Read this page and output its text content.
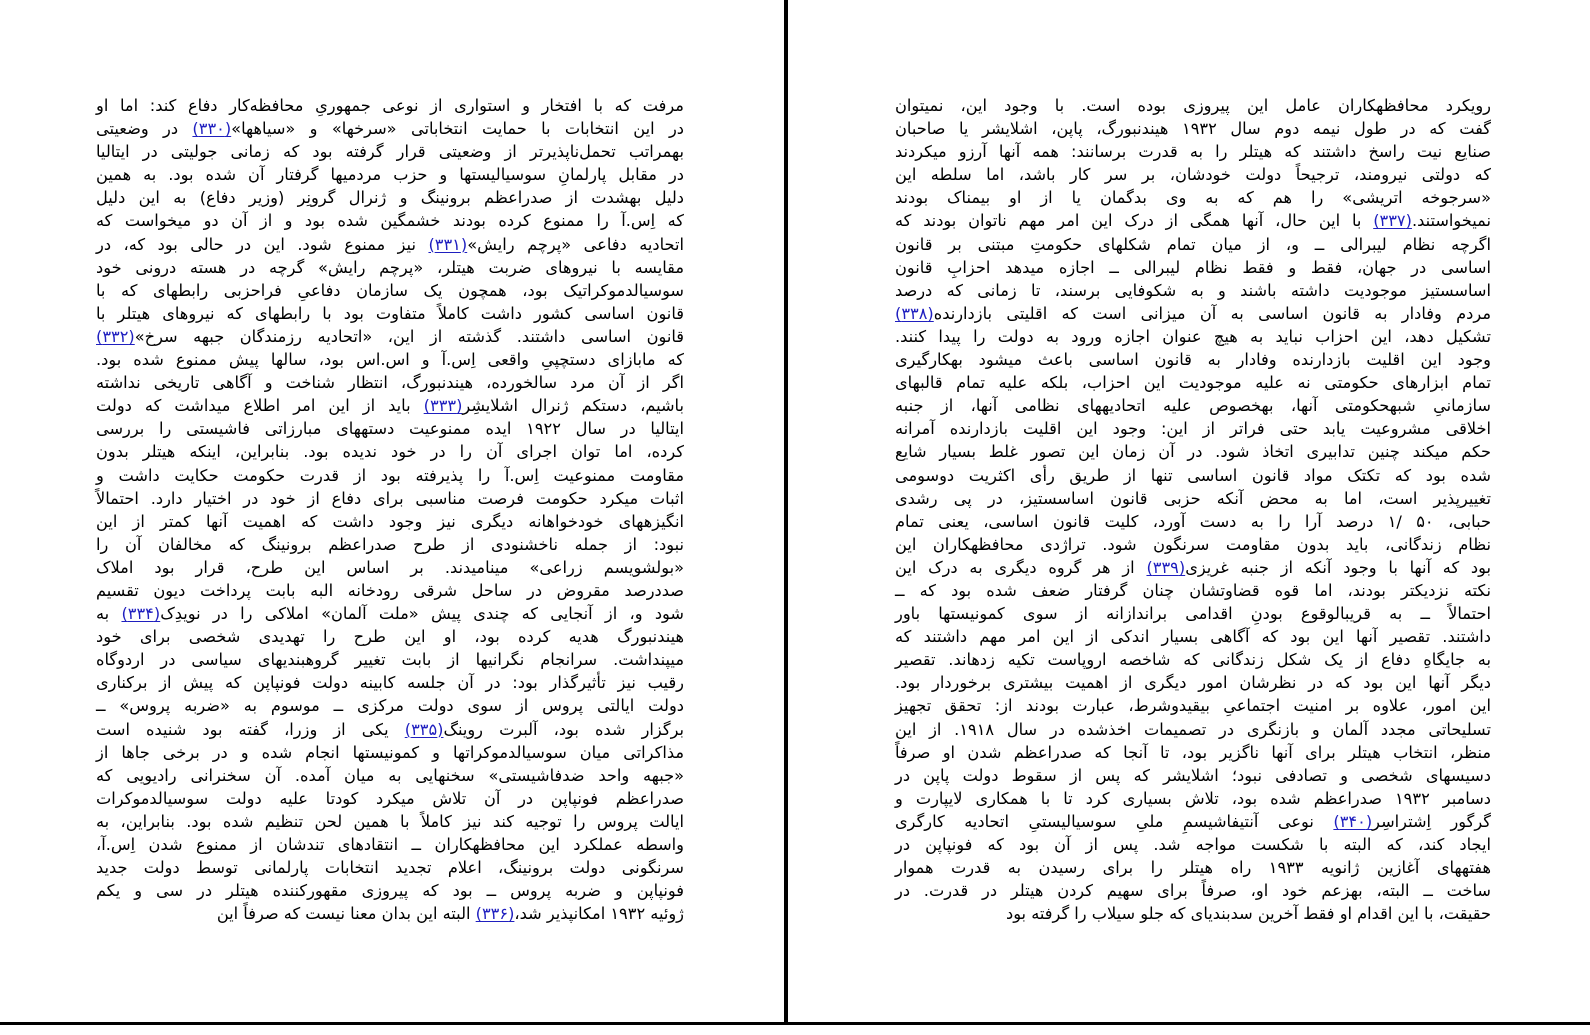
مرفت که با افتخار و استواری از نوعی جمهوریِ محافظه‌کار دفاع کند: اما او
در این انتخابات با حمایت انتخاباتی «سرخها» و «سیاهها»(۳۳۰) در وضعیتی
بهمراتب تحمل‌ناپذیرتر از وضعیتی قرار گرفته بود که زمانی جولیتی در ایتالیا
در مقابل پارلمانِ سوسیالیستها و حزب مردمیها گرفتار آن شده بود. به همین
دلیل بهشدت از صدراعظم برونینگ و ژنرال گرونِر (وزیر دفاع) به این دلیل
که اِس.آ را ممنوع کرده بودند خشمگین شده بود و از آن دو میخواست که
اتحادیه دفاعی «پرچم رایش»(۳۳۱) نیز ممنوع شود. این در حالی بود که، در
مقایسه با نیروهای ضربت هیتلر، «پرچم رایش» گرچه در هسته درونی خود
سوسیالدموکراتیک بود، همچون یک سازمان دفاعیِ فراحزبی رابطهای که با
قانون اساسی کشور داشت کاملاً متفاوت بود با رابطهای که نیروهای هیتلر با
قانون اساسی داشتند. گذشته از این، «اتحادیه رزمندگان جبهه سرخ»(۳۳۲)
که مابازای دستچپیِ واقعی اِس.آ و اس.اس بود، سالها پیش ممنوع شده بود.
اگر از آن مرد سالخورده، هیندنبورگ، انتظار شناخت و آگاهی تاریخی نداشته
باشیم، دستکم ژنرال اشلایشِر(۳۳۳) باید از این امر اطلاع میداشت که دولت
ایتالیا در سال ۱۹۲۲ ایده ممنوعیت دستههای مبارزاتی فاشیستی را بررسی
کرده، اما توان اجرای آن را در خود ندیده بود. بنابراین، اینکه هیتلر بدون
مقاومت ممنوعیت اِس.آ را پذیرفته بود از قدرت حکومت حکایت داشت و
اثبات میکرد حکومت فرصت مناسبی برای دفاع از خود در اختیار دارد. احتمالاً
انگیزههای خودخواهانه دیگری نیز وجود داشت که اهمیت آنها کمتر از این
نبود: از جمله ناخشنودی از طرح صدراعظم برونینگ که مخالفان آن را
«بولشویسم زراعی» مینامیدند. بر اساس این طرح، قرار بود املاک
صددرصد مقروض در ساحل شرقی رودخانه البه بابت پرداخت دیون تقسیم
شود و، از آنجایی که چندی پیش «ملت آلمان» املاکی را در نویدِک(۳۳۴) به
هیندنبورگ هدیه کرده بود، او این طرح را تهدیدی شخصی برای خود
میپنداشت. سرانجام نگرانیها از بابت تغییر گروهبندیهای سیاسی در اردوگاه
رقیب نیز تأثیرگذار بود: در آن جلسه کابینه دولت فونپاپن که پیش از برکناری
دولت ایالتی پروس از سوی دولت مرکزی ــ موسوم به «ضربه پروس» ــ
برگزار شده بود، آلبرت روینگ(۳۳۵) یکی از وزرا، گفته بود شنیده است
مذاکراتی میان سوسیالدموکراتها و کمونیستها انجام شده و در برخی جاها از
«جبهه واحد ضدفاشیستی» سخنهایی به میان آمده. آن سخنرانی رادیویی که
صدراعظم فونپاپن در آن تلاش میکرد کودتا علیه دولت سوسیالدموکرات
ایالت پروس را توجیه کند نیز کاملاً با همین لحن تنظیم شده بود. بنابراین، به
واسطه عملکرد این محافظهکاران ــ انتقادهای تندشان از ممنوع شدن اِس.آ،
سرنگونی دولت برونینگ، اعلام تجدید انتخابات پارلمانی توسط دولت جدید
فونپاپن و ضربه پروس ــ بود که پیروزی مقهورکننده هیتلر در سی و یکم
ژوئیه ۱۹۳۲ امکانپذیر شد،(۳۳۶) البته این بدان معنا نیست که صرفاً این
رویکرد محافظهکاران عامل این پیروزی بوده است. با وجود این، نمیتوان
گفت که در طول نیمه دوم سال ۱۹۳۲ هیندنبورگ، پاپن، اشلایشر یا صاحبان
صنایع نیت راسخ داشتند که هیتلر را به قدرت برسانند: همه آنها آرزو میکردند
که دولتی نیرومند، ترجیحاً دولت خودشان، بر سر کار باشد، اما سلطه این
«سرجوخه اتریشی» را هم که به وی بدگمان یا از او بیمناک بودند
نمیخواستند.(۳۳۷) با این حال، آنها همگی از درک این امر مهم ناتوان بودند که
اگرچه نظام لیبرالی ــ و، از میان تمام شکلهای حکومتِ مبتنی بر قانون
اساسی در جهان، فقط و فقط نظام لیبرالی ــ اجازه میدهد احزابِ قانون
اساسستیز موجودیت داشته باشند و به شکوفایی برسند، تا زمانی که درصد
مردم وفادار به قانون اساسی به آن میزانی است که اقلیتی بازدارنده(۳۳۸)
تشکیل دهد، این احزاب نباید به هیچ عنوان اجازه ورود به دولت را پیدا کنند.
وجود این اقلیت بازدارنده وفادار به قانون اساسی باعث میشود بهکارگیری
تمام ابزارهای حکومتی نه علیه موجودیت این احزاب، بلکه علیه تمام قالبهای
سازمانیِ شبهحکومتی آنها، بهخصوص علیه اتحادیههای نظامی آنها، از جنبه
اخلاقی مشروعیت یابد حتی فراتر از این: وجود این اقلیت بازدارنده آمرانه
حکم میکند چنین تدابیری اتخاذ شود. در آن زمان این تصور غلط بسیار شایع
شده بود که تکتک مواد قانون اساسی تنها از طریق رأی اکثریت دوسومی
تغییرپذیر است، اما به محض آنکه حزبی قانون اساسستیز، در پی رشدی
حبابی، ۵۰ /۱ درصد آرا را به دست آورد، کلیت قانون اساسی، یعنی تمام
نظام زندگانی، باید بدون مقاومت سرنگون شود. تراژدی محافظهکاران این
بود که آنها با وجود آنکه از جنبه غریزی(۳۳۹) از هر گروه دیگری به درک این
نکته نزدیکتر بودند، اما قوه قضاوتشان چنان گرفتار ضعف شده بود که ــ
احتمالاً ــ به قریبالوقوع بودنِ اقدامی براندازانه از سوی کمونیستها باور
داشتند. تقصیر آنها این بود که آگاهی بسیار اندکی از این امر مهم داشتند که
به جایگاهِ دفاع از یک شکل زندگانی که شاخصه اروپاست تکیه زدهاند. تقصیر
دیگر آنها این بود که در نظرشان امور دیگری از اهمیت بیشتری برخوردار بود.
این امور، علاوه بر امنیت اجتماعیِ بیقیدوشرط، عبارت بودند از: تحقق تجهیز
تسلیحاتی مجدد آلمان و بازنگری در تصمیمات اخذشده در سال ۱۹۱۸. از این
منظر، انتخاب هیتلر برای آنها ناگزیر بود، تا آنجا که صدراعظم شدن او صرفاً
دسیسهای شخصی و تصادفی نبود؛ اشلایشر که پس از سقوط دولت پاپن در
دسامبر ۱۹۳۲ صدراعظم شده بود، تلاش بسیاری کرد تا با همکاری لایپارت و
گرگور اِشتراسِر(۳۴۰) نوعی آنتیفاشیسمِ ملیِ سوسیالیستیِ اتحادیه کارگری
ایجاد کند، که البته با شکست مواجه شد. پس از آن بود که فونپاپن در
هفتههای آغازین ژانویه ۱۹۳۳ راه هیتلر را برای رسیدن به قدرت هموار
ساخت ــ البته، بهزعم خود او، صرفاً برای سهیم کردن هیتلر در قدرت. در
حقیقت، با این اقدام او فقط آخرین سدبندیای که جلو سیلاب را گرفته بود
